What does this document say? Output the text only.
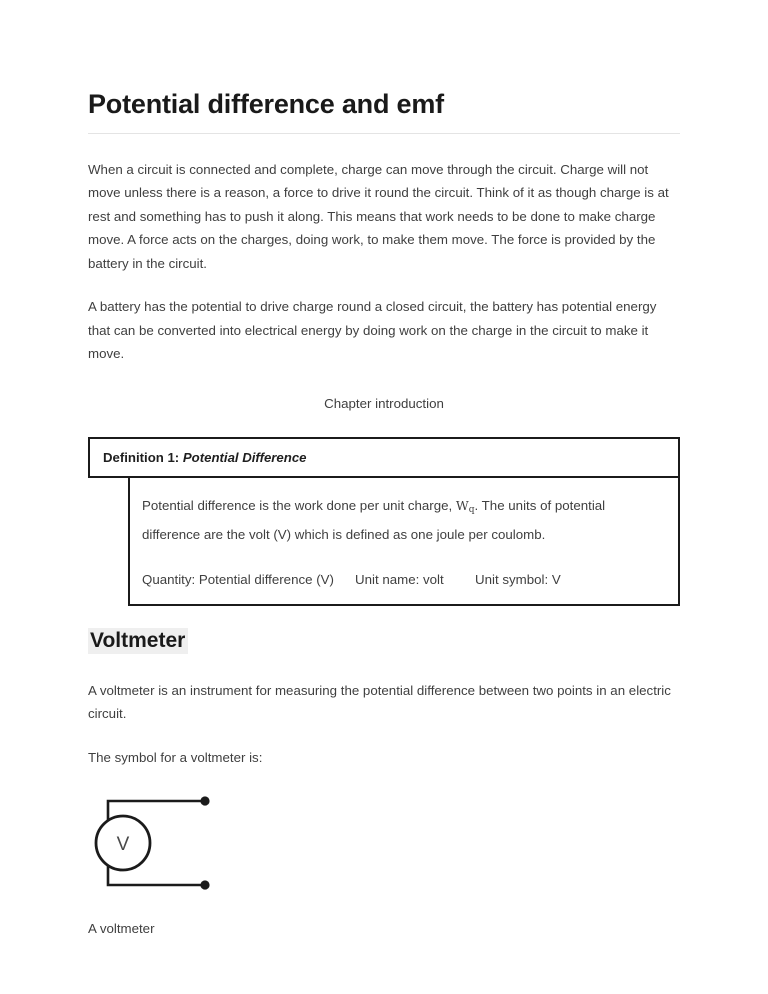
Potential difference and emf

When a circuit is connected and complete, charge can move through the circuit. Charge will not move unless there is a reason, a force to drive it round the circuit. Think of it as though charge is at rest and something has to push it along. This means that work needs to be done to make charge move. A force acts on the charges, doing work, to make them move. The force is provided by the battery in the circuit.

A battery has the potential to drive charge round a closed circuit, the battery has potential energy that can be converted into electrical energy by doing work on the charge in the circuit to make it move.

Chapter introduction
Definition 1: Potential Difference

Potential difference is the work done per unit charge, $W_q$. The units of potential difference are the volt (V) which is defined as one joule per coulomb.

Quantity: Potential difference (V)	Unit name: volt	Unit symbol: V
Voltmeter

A voltmeter is an instrument for measuring the potential difference between two points in an electric circuit.

The symbol for a voltmeter is:

V
A voltmeter
